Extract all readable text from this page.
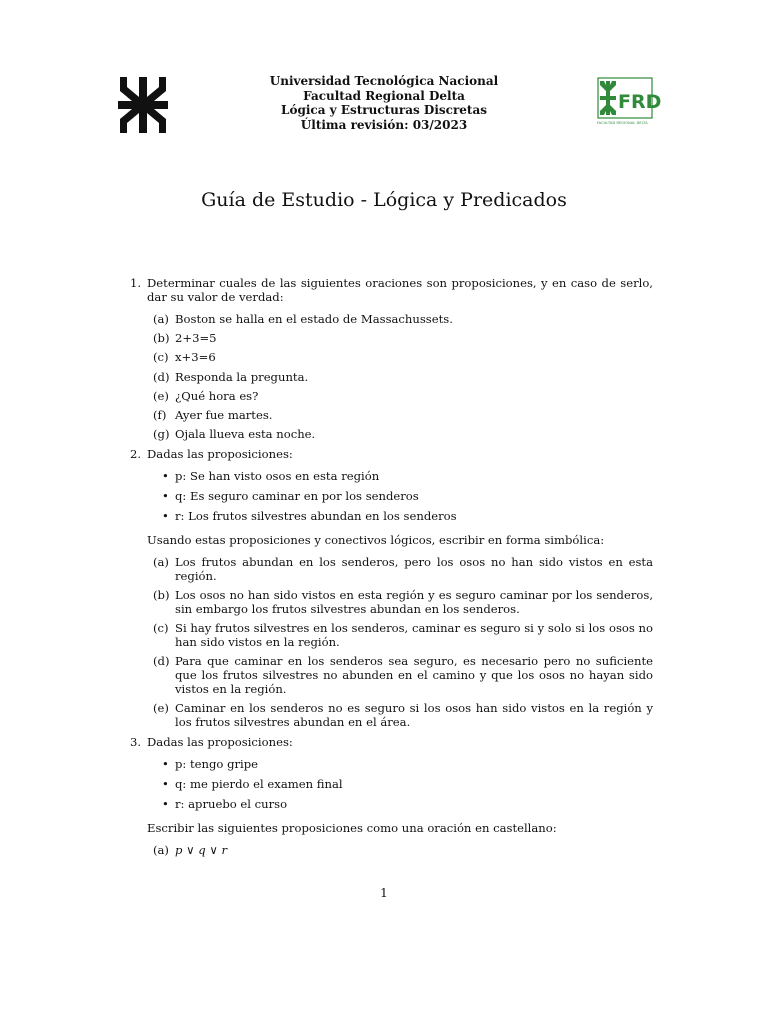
Universidad Tecnológica Nacional
Facultad Regional Delta
Lógica y Estructuras Discretas
Última revisión: 03/2023
FRD
FACULTAD REGIONAL DELTA
Guía de Estudio - Lógica y Predicados
1. Determinar cuales de las siguientes oraciones son proposiciones, y en caso de serlo, dar su valor de verdad:
(a) Boston se halla en el estado de Massachussets.
(b) 2+3=5
(c) x+3=6
(d) Responda la pregunta.
(e) ¿Qué hora es?
(f) Ayer fue martes.
(g) Ojala llueva esta noche.
2. Dadas las proposiciones:
• p: Se han visto osos en esta región
• q: Es seguro caminar en por los senderos
• r: Los frutos silvestres abundan en los senderos
Usando estas proposiciones y conectivos lógicos, escribir en forma simbólica:
(a) Los frutos abundan en los senderos, pero los osos no han sido vistos en esta región.
(b) Los osos no han sido vistos en esta región y es seguro caminar por los senderos, sin embargo los frutos silvestres abundan en los senderos.
(c) Si hay frutos silvestres en los senderos, caminar es seguro si y solo si los osos no han sido vistos en la región.
(d) Para que caminar en los senderos sea seguro, es necesario pero no suficiente que los frutos silvestres no abunden en el camino y que los osos no hayan sido vistos en la región.
(e) Caminar en los senderos no es seguro si los osos han sido vistos en la región y los frutos silvestres abundan en el área.
3. Dadas las proposiciones:
• p: tengo gripe
• q: me pierdo el examen final
• r: apruebo el curso
Escribir las siguientes proposiciones como una oración en castellano:
(a) p ∨ q ∨ r
1
